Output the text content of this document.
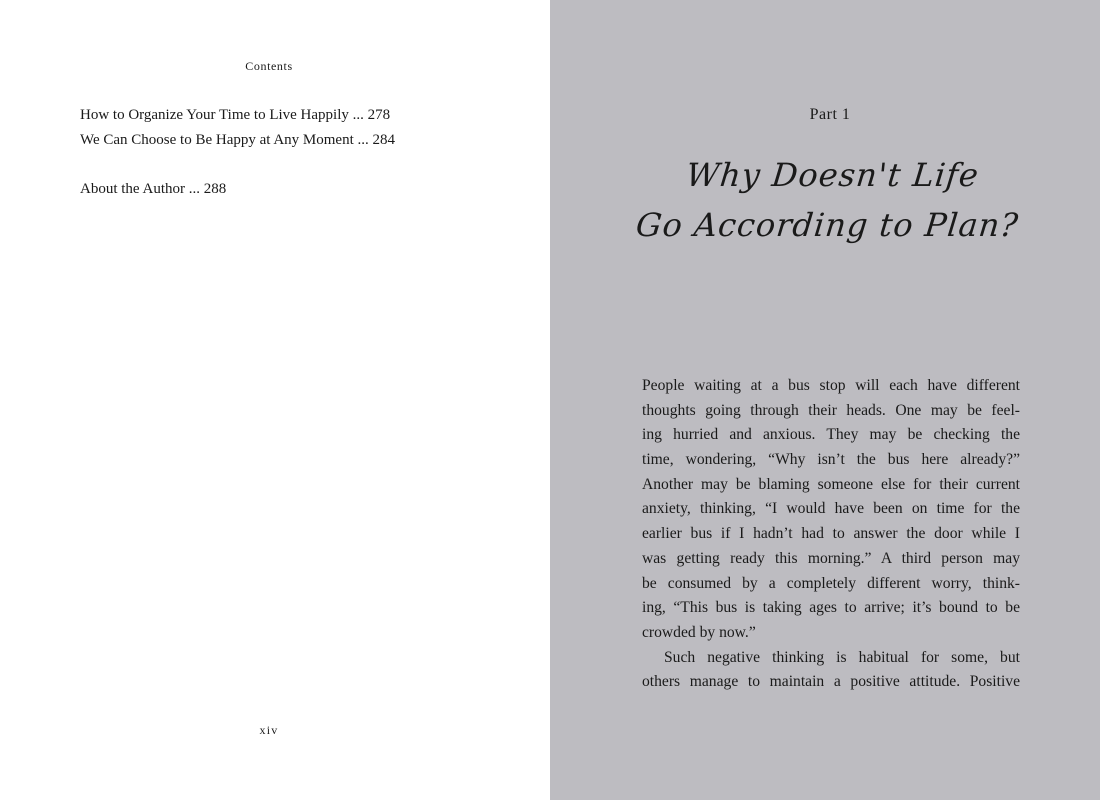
Contents
How to Organize Your Time to Live Happily ... 278
We Can Choose to Be Happy at Any Moment ... 284
About the Author ... 288
xiv
Part 1
Why Doesn't Life
Go According to Plan?
People waiting at a bus stop will each have different
thoughts going through their heads. One may be feel-
ing hurried and anxious. They may be checking the
time, wondering, “Why isn’t the bus here already?”
Another may be blaming someone else for their current
anxiety, thinking, “I would have been on time for the
earlier bus if I hadn’t had to answer the door while I
was getting ready this morning.” A third person may
be consumed by a completely different worry, think-
ing, “This bus is taking ages to arrive; it’s bound to be
crowded by now.”
Such negative thinking is habitual for some, but
others manage to maintain a positive attitude. Positive
